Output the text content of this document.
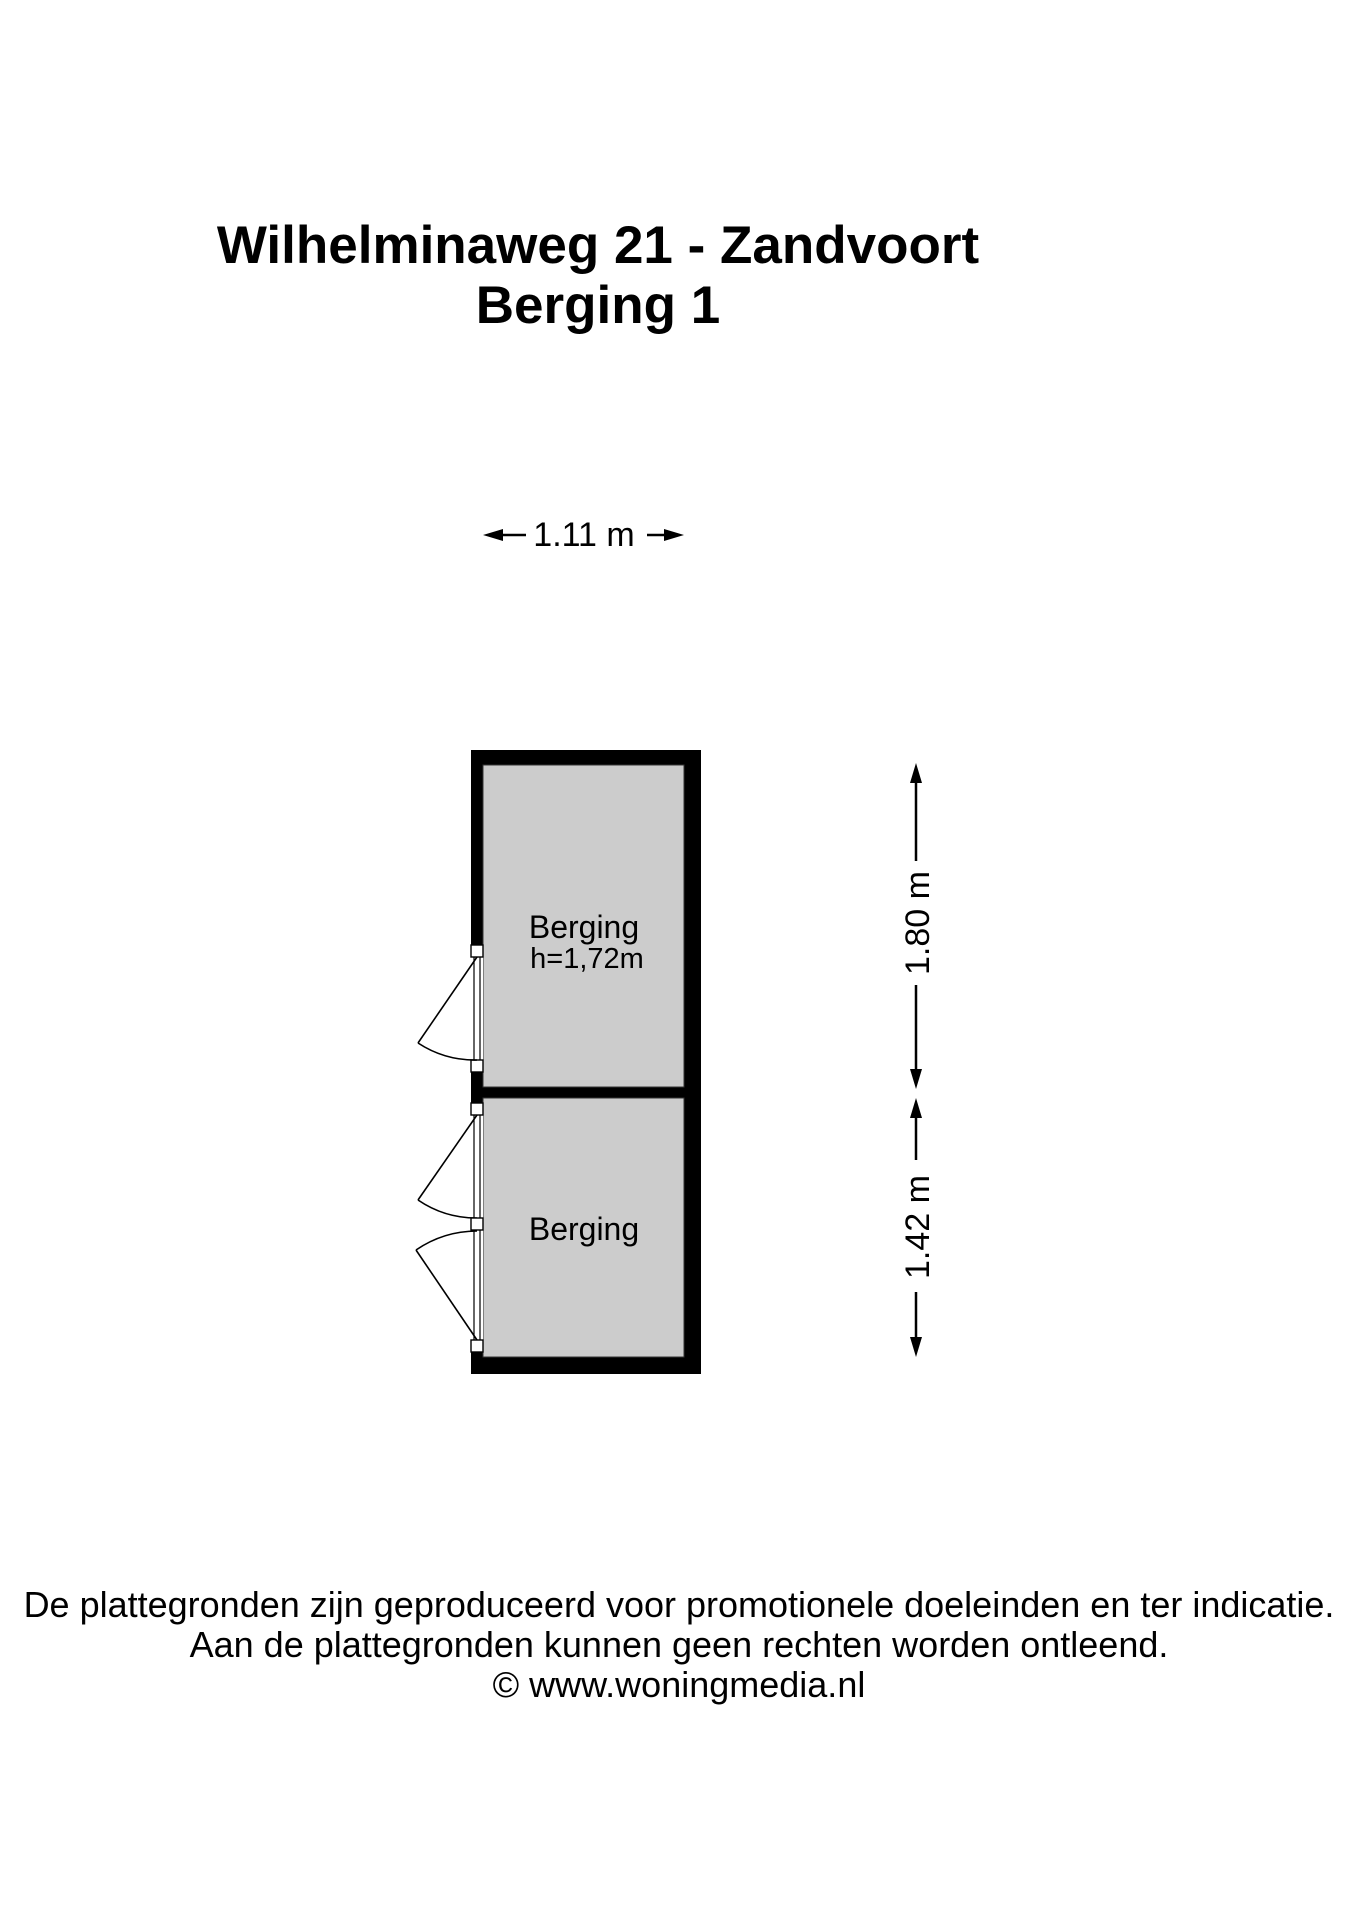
Wilhelminaweg 21 - Zandvoort
Berging 1
1.11 m
Berging
h=1,72m
Berging
1.80 m
1.42 m
De plattegronden zijn geproduceerd voor promotionele doeleinden en ter indicatie.
Aan de plattegronden kunnen geen rechten worden ontleend.
© www.woningmedia.nl
